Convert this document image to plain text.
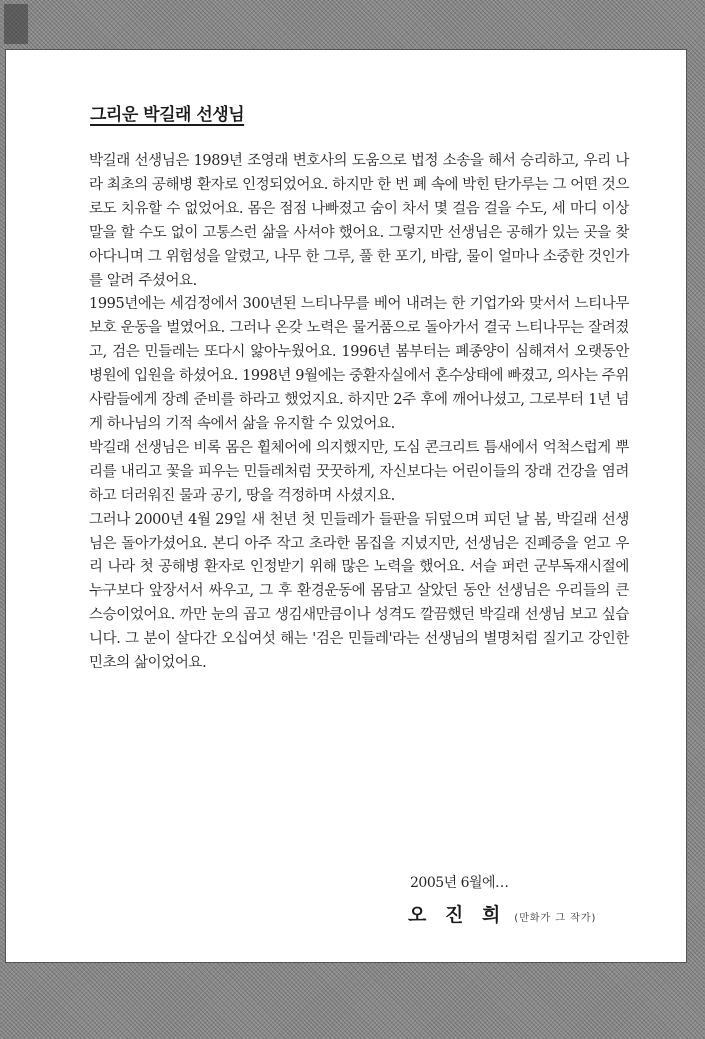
그리운 박길래 선생님

박길래 선생님은 1989년 조영래 변호사의 도움으로 법정 소송을 해서 승리하고, 우리 나라 최초의 공해병 환자로 인정되었어요. 하지만 한 번 폐 속에 박힌 탄가루는 그 어떤 것으로도 치유할 수 없었어요. 몸은 점점 나빠졌고 숨이 차서 몇 걸음 걸을 수도, 세 마디 이상 말을 할 수도 없이 고통스런 삶을 사셔야 했어요. 그렇지만 선생님은 공해가 있는 곳을 찾아다니며 그 위험성을 알렸고, 나무 한 그루, 풀 한 포기, 바람, 물이 얼마나 소중한 것인가를 알려 주셨어요.

1995년에는 세검정에서 300년된 느티나무를 베어 내려는 한 기업가와 맞서서 느티나무 보호 운동을 벌였어요. 그러나 온갖 노력은 물거품으로 돌아가서 결국 느티나무는 잘려졌고, 검은 민들레는 또다시 앓아누웠어요. 1996년 봄부터는 폐종양이 심해져서 오랫동안 병원에 입원을 하셨어요. 1998년 9월에는 중환자실에서 혼수상태에 빠졌고, 의사는 주위 사람들에게 장례 준비를 하라고 했었지요. 하지만 2주 후에 깨어나셨고, 그로부터 1년 넘게 하나님의 기적 속에서 삶을 유지할 수 있었어요.

박길래 선생님은 비록 몸은 휠체어에 의지했지만, 도심 콘크리트 틈새에서 억척스럽게 뿌리를 내리고 꽃을 피우는 민들레처럼 꿋꿋하게, 자신보다는 어린이들의 장래 건강을 염려하고 더러워진 물과 공기, 땅을 걱정하며 사셨지요.

그러나 2000년 4월 29일 새 천년 첫 민들레가 들판을 뒤덮으며 피던 날 봄, 박길래 선생님은 돌아가셨어요. 본디 아주 작고 초라한 몸집을 지녔지만, 선생님은 진폐증을 얻고 우리 나라 첫 공해병 환자로 인정받기 위해 많은 노력을 했어요. 서슬 퍼런 군부독재시절에 누구보다 앞장서서 싸우고, 그 후 환경운동에 몸담고 살았던 동안 선생님은 우리들의 큰 스승이었어요. 까만 눈의 곱고 생김새만큼이나 성격도 깔끔했던 박길래 선생님 보고 싶습니다. 그 분이 살다간 오십여섯 해는 '검은 민들레'라는 선생님의 별명처럼 질기고 강인한 민초의 삶이었어요.

2005년 6월에…
오 진 희 (만화가 그 작가)
